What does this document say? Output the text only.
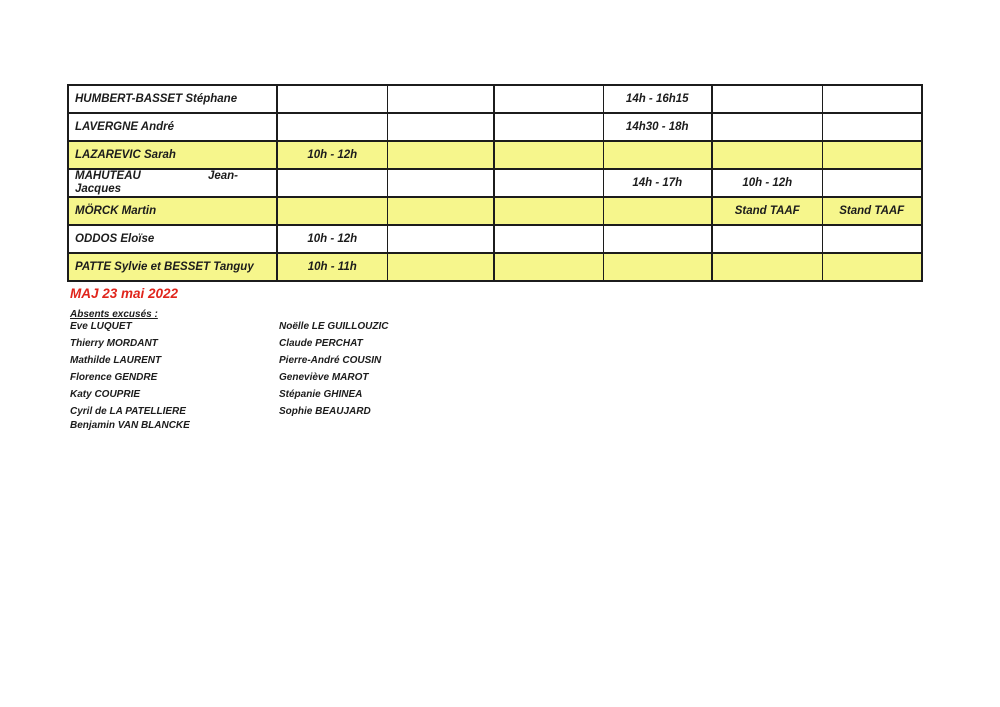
HUMBERT-BASSET Stéphane				14h - 16h15		
LAVERGNE André				14h30 - 18h		
LAZAREVIC Sarah	10h - 12h					

MAHUTEAU Jean-
Jacques				14h - 17h	10h - 12h	
MÖRCK Martin					Stand TAAF	Stand TAAF
ODDOS Eloïse	10h - 12h					
PATTE Sylvie et BESSET Tanguy	10h - 11h					
MAJ 23 mai 2022
Absents excusés :
Eve LUQUET
Thierry MORDANT
Mathilde LAURENT
Florence GENDRE
Katy COUPRIE
Cyril de LA PATELLIERE
Benjamin VAN BLANCKE
Noëlle LE GUILLOUZIC
Claude PERCHAT
Pierre-André COUSIN
Geneviève MAROT
Stépanie GHINEA
Sophie BEAUJARD
